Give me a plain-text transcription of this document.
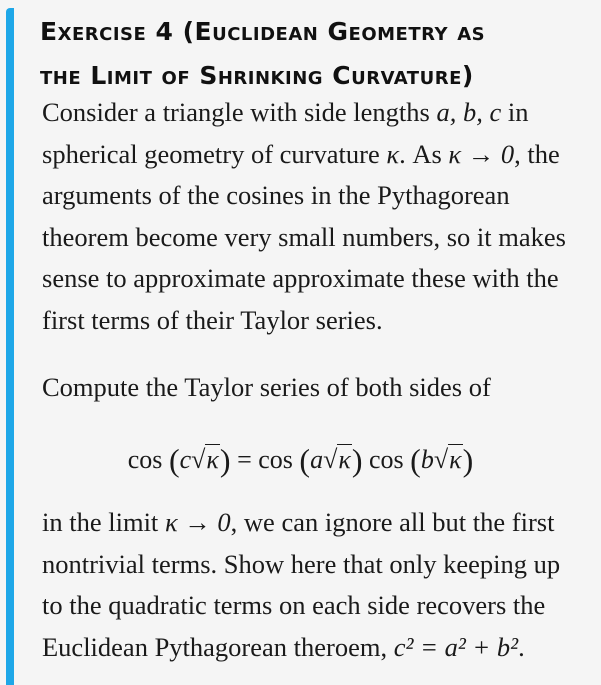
Exercise 4 (Euclidean Geometry as
the Limit of Shrinking Curvature)
Consider a triangle with side lengths a, b, c in
spherical geometry of curvature κ. As κ → 0, the
arguments of the cosines in the Pythagorean
theorem become very small numbers, so it makes
sense to approximate approximate these with the
first terms of their Taylor series.
Compute the Taylor series of both sides of
cos (c√κ) = cos (a√κ) cos (b√κ)
in the limit κ → 0, we can ignore all but the first
nontrivial terms. Show here that only keeping up
to the quadratic terms on each side recovers the
Euclidean Pythagorean theroem, c² = a² + b².
